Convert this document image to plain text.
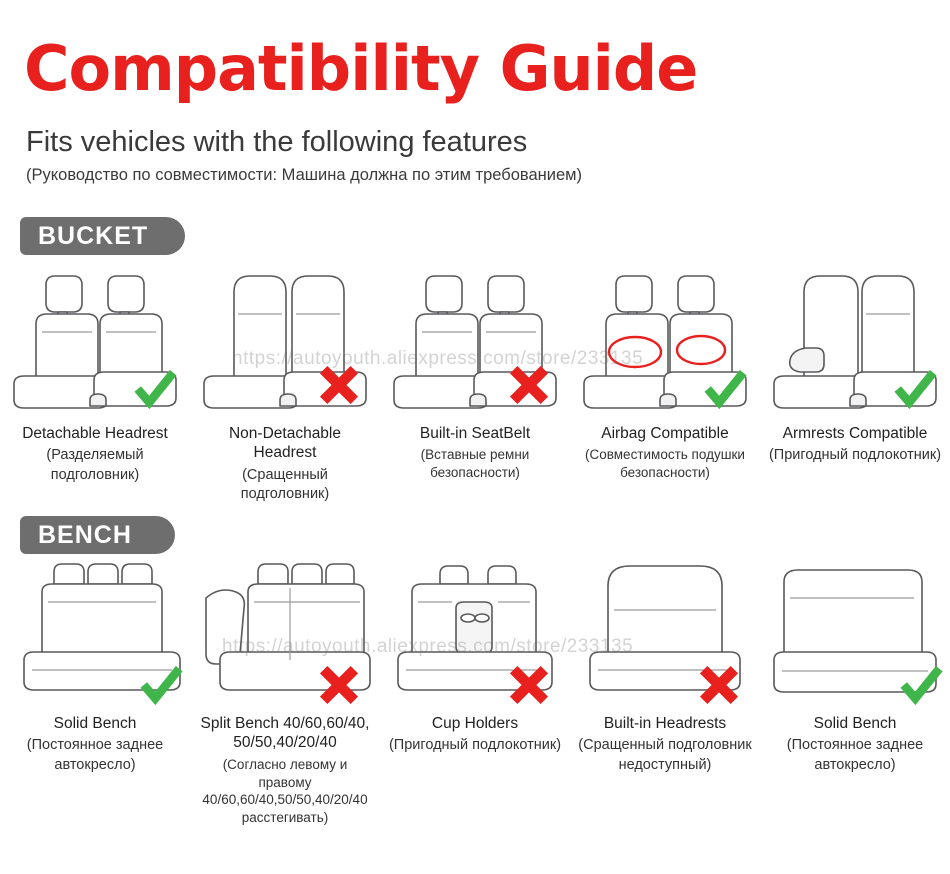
Compatibility Guide
Fits vehicles with the following features
(Руководство по совместимости: Машина должна по этим требованием)
BUCKET
Detachable Headrest
(Разделяемый подголовник)
Non-Detachable Headrest
(Сращенный подголовник)
Built-in SeatBelt
(Вставные ремни безопасности)
Airbag Compatible
(Совместимость подушки безопасности)
Armrests Compatible
(Пригодный подлокотник)
BENCH
Solid Bench
(Постоянное заднее автокресло)
Split Bench 40/60,60/40, 50/50,40/20/40
(Согласно левому и правому 40/60,60/40,50/50,40/20/40 расстегивать)
Cup Holders
(Пригодный подлокотник)
Built-in Headrests
(Сращенный подголовник недоступный)
Solid Bench
(Постоянное заднее автокресло)
https://autoyouth.aliexpress.com/store/233135
https://autoyouth.aliexpress.com/store/233135
